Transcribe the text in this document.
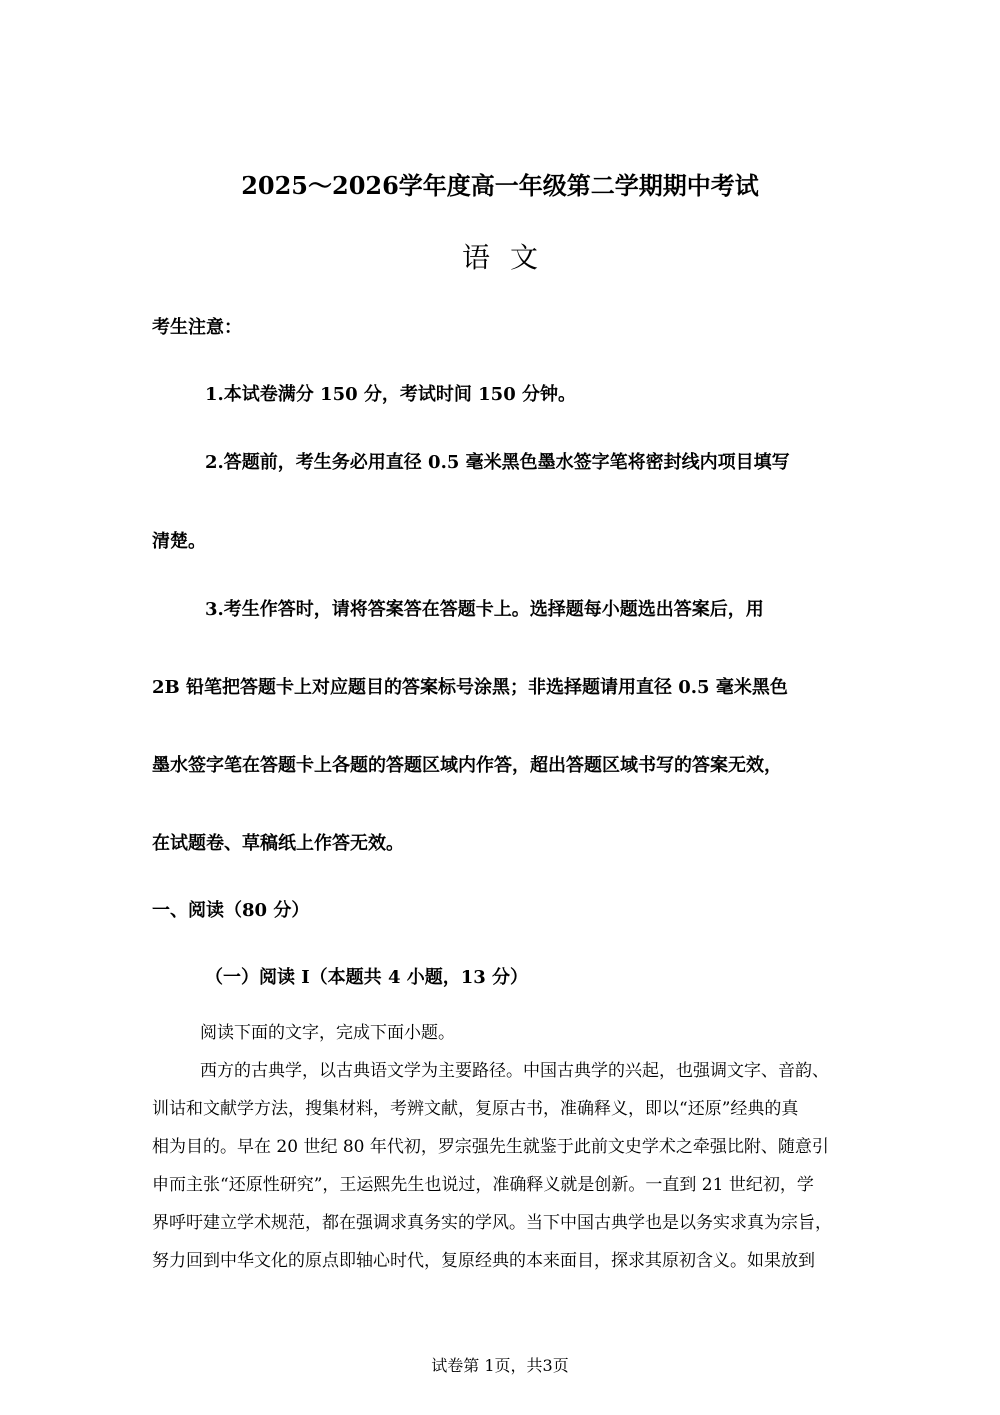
2025～2026学年度高一年级第二学期期中考试
语文
考生注意：
1.本试卷满分 150 分，考试时间 150 分钟。
2.答题前，考生务必用直径 0.5 毫米黑色墨水签字笔将密封线内项目填写
清楚。
3.考生作答时，请将答案答在答题卡上。选择题每小题选出答案后，用
2B 铅笔把答题卡上对应题目的答案标号涂黑；非选择题请用直径 0.5 毫米黑色
墨水签字笔在答题卡上各题的答题区域内作答，超出答题区域书写的答案无效，
在试题卷、草稿纸上作答无效。
一、阅读（80 分）
（一）阅读 I（本题共 4 小题，13 分）
阅读下面的文字，完成下面小题。
西方的古典学，以古典语文学为主要路径。中国古典学的兴起，也强调文字、音韵、
训诂和文献学方法，搜集材料，考辨文献，复原古书，准确释义，即以“还原”经典的真
相为目的。早在 20 世纪 80 年代初，罗宗强先生就鉴于此前文史学术之牵强比附、随意引
申而主张“还原性研究”，王运熙先生也说过，准确释义就是创新。一直到 21 世纪初，学
界呼吁建立学术规范，都在强调求真务实的学风。当下中国古典学也是以务实求真为宗旨，
努力回到中华文化的原点即轴心时代，复原经典的本来面目，探求其原初含义。如果放到
试卷第 1页，共3页
